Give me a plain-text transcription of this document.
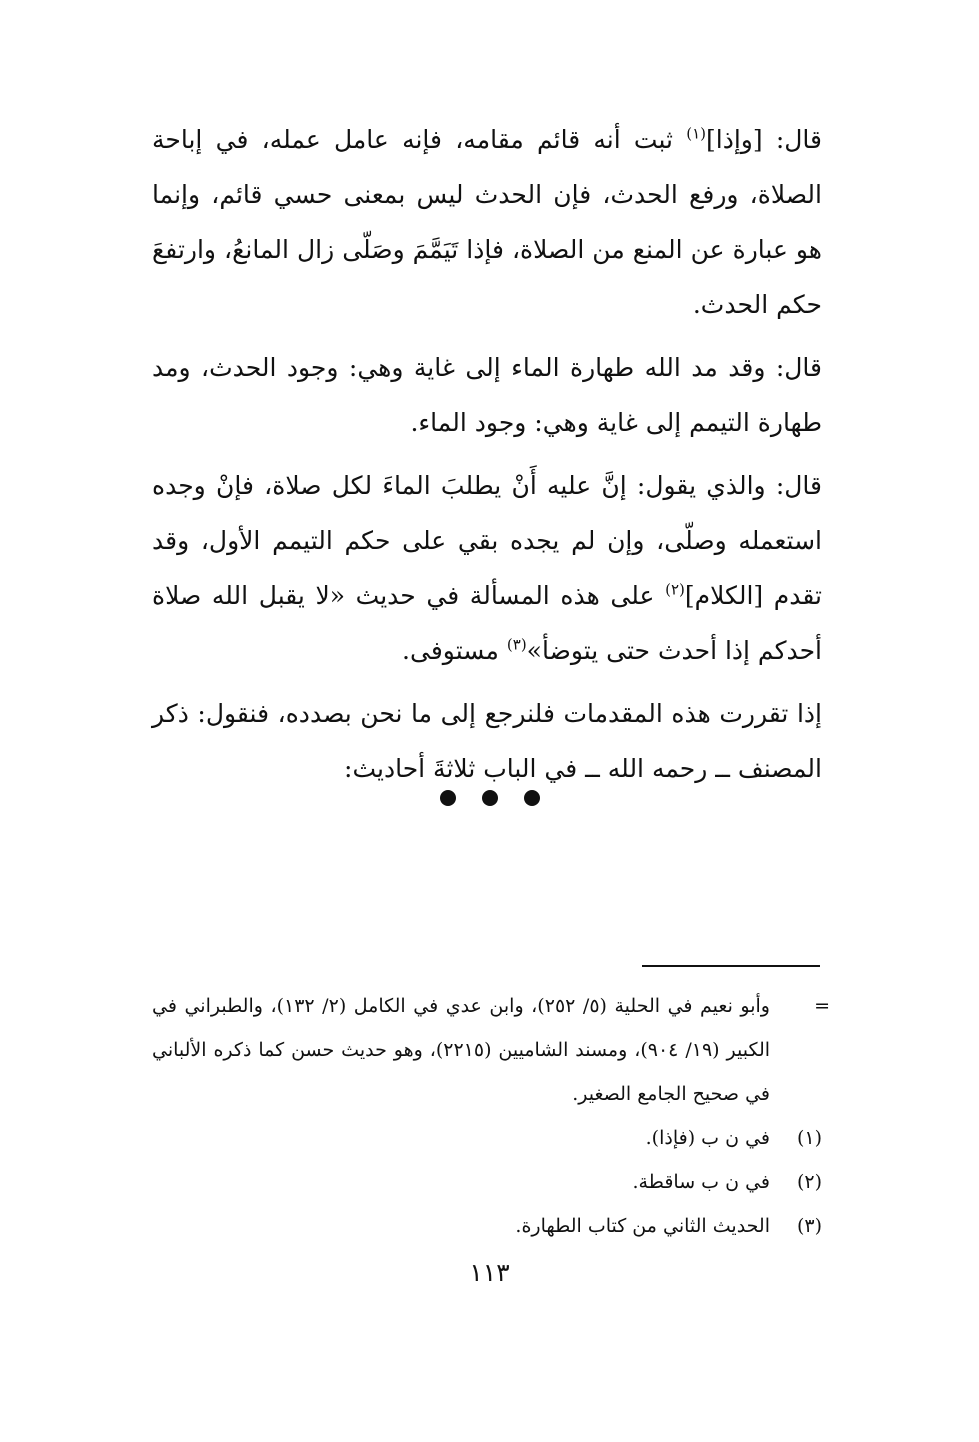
قال: [وإذا]$^{(١)}$ ثبت أنه قائم مقامه، فإنه عامل عمله، في إباحة الصلاة، ورفع الحدث، فإن الحدث ليس بمعنى حسي قائم، وإنما هو عبارة عن المنع من الصلاة، فإذا تَيَمَّمَ وصَلّى زال المانعُ، وارتفعَ حكم الحدث.

قال: وقد مد الله طهارة الماء إلى غاية وهي: وجود الحدث، ومد طهارة التيمم إلى غاية وهي: وجود الماء.

قال: والذي يقول: إنَّ عليه أَنْ يطلبَ الماءَ لكل صلاة، فإنْ وجده استعمله وصلّى، وإن لم يجده بقي على حكم التيمم الأول، وقد تقدم [الكلام]$^{(٢)}$ على هذه المسألة في حديث «لا يقبل الله صلاة أحدكم إذا أحدث حتى يتوضأ»$^{(٣)}$ مستوفى.

إذا تقررت هذه المقدمات فلنرجع إلى ما نحن بصدده، فنقول: ذكر المصنف ــ رحمه الله ــ في الباب ثلاثةَ أحاديث:

=

وأبو نعيم في الحلية (٥/ ٢٥٢)، وابن عدي في الكامل (٢/ ١٣٢)، والطبراني في الكبير (١٩/ ٩٠٤)، ومسند الشاميين (٢٢١٥)، وهو حديث حسن كما ذكره الألباني في صحيح الجامع الصغير.

(١)
في ن ب (فإذا).
(٢)
في ن ب ساقطة.
(٣)
الحديث الثاني من كتاب الطهارة.
١١٣
